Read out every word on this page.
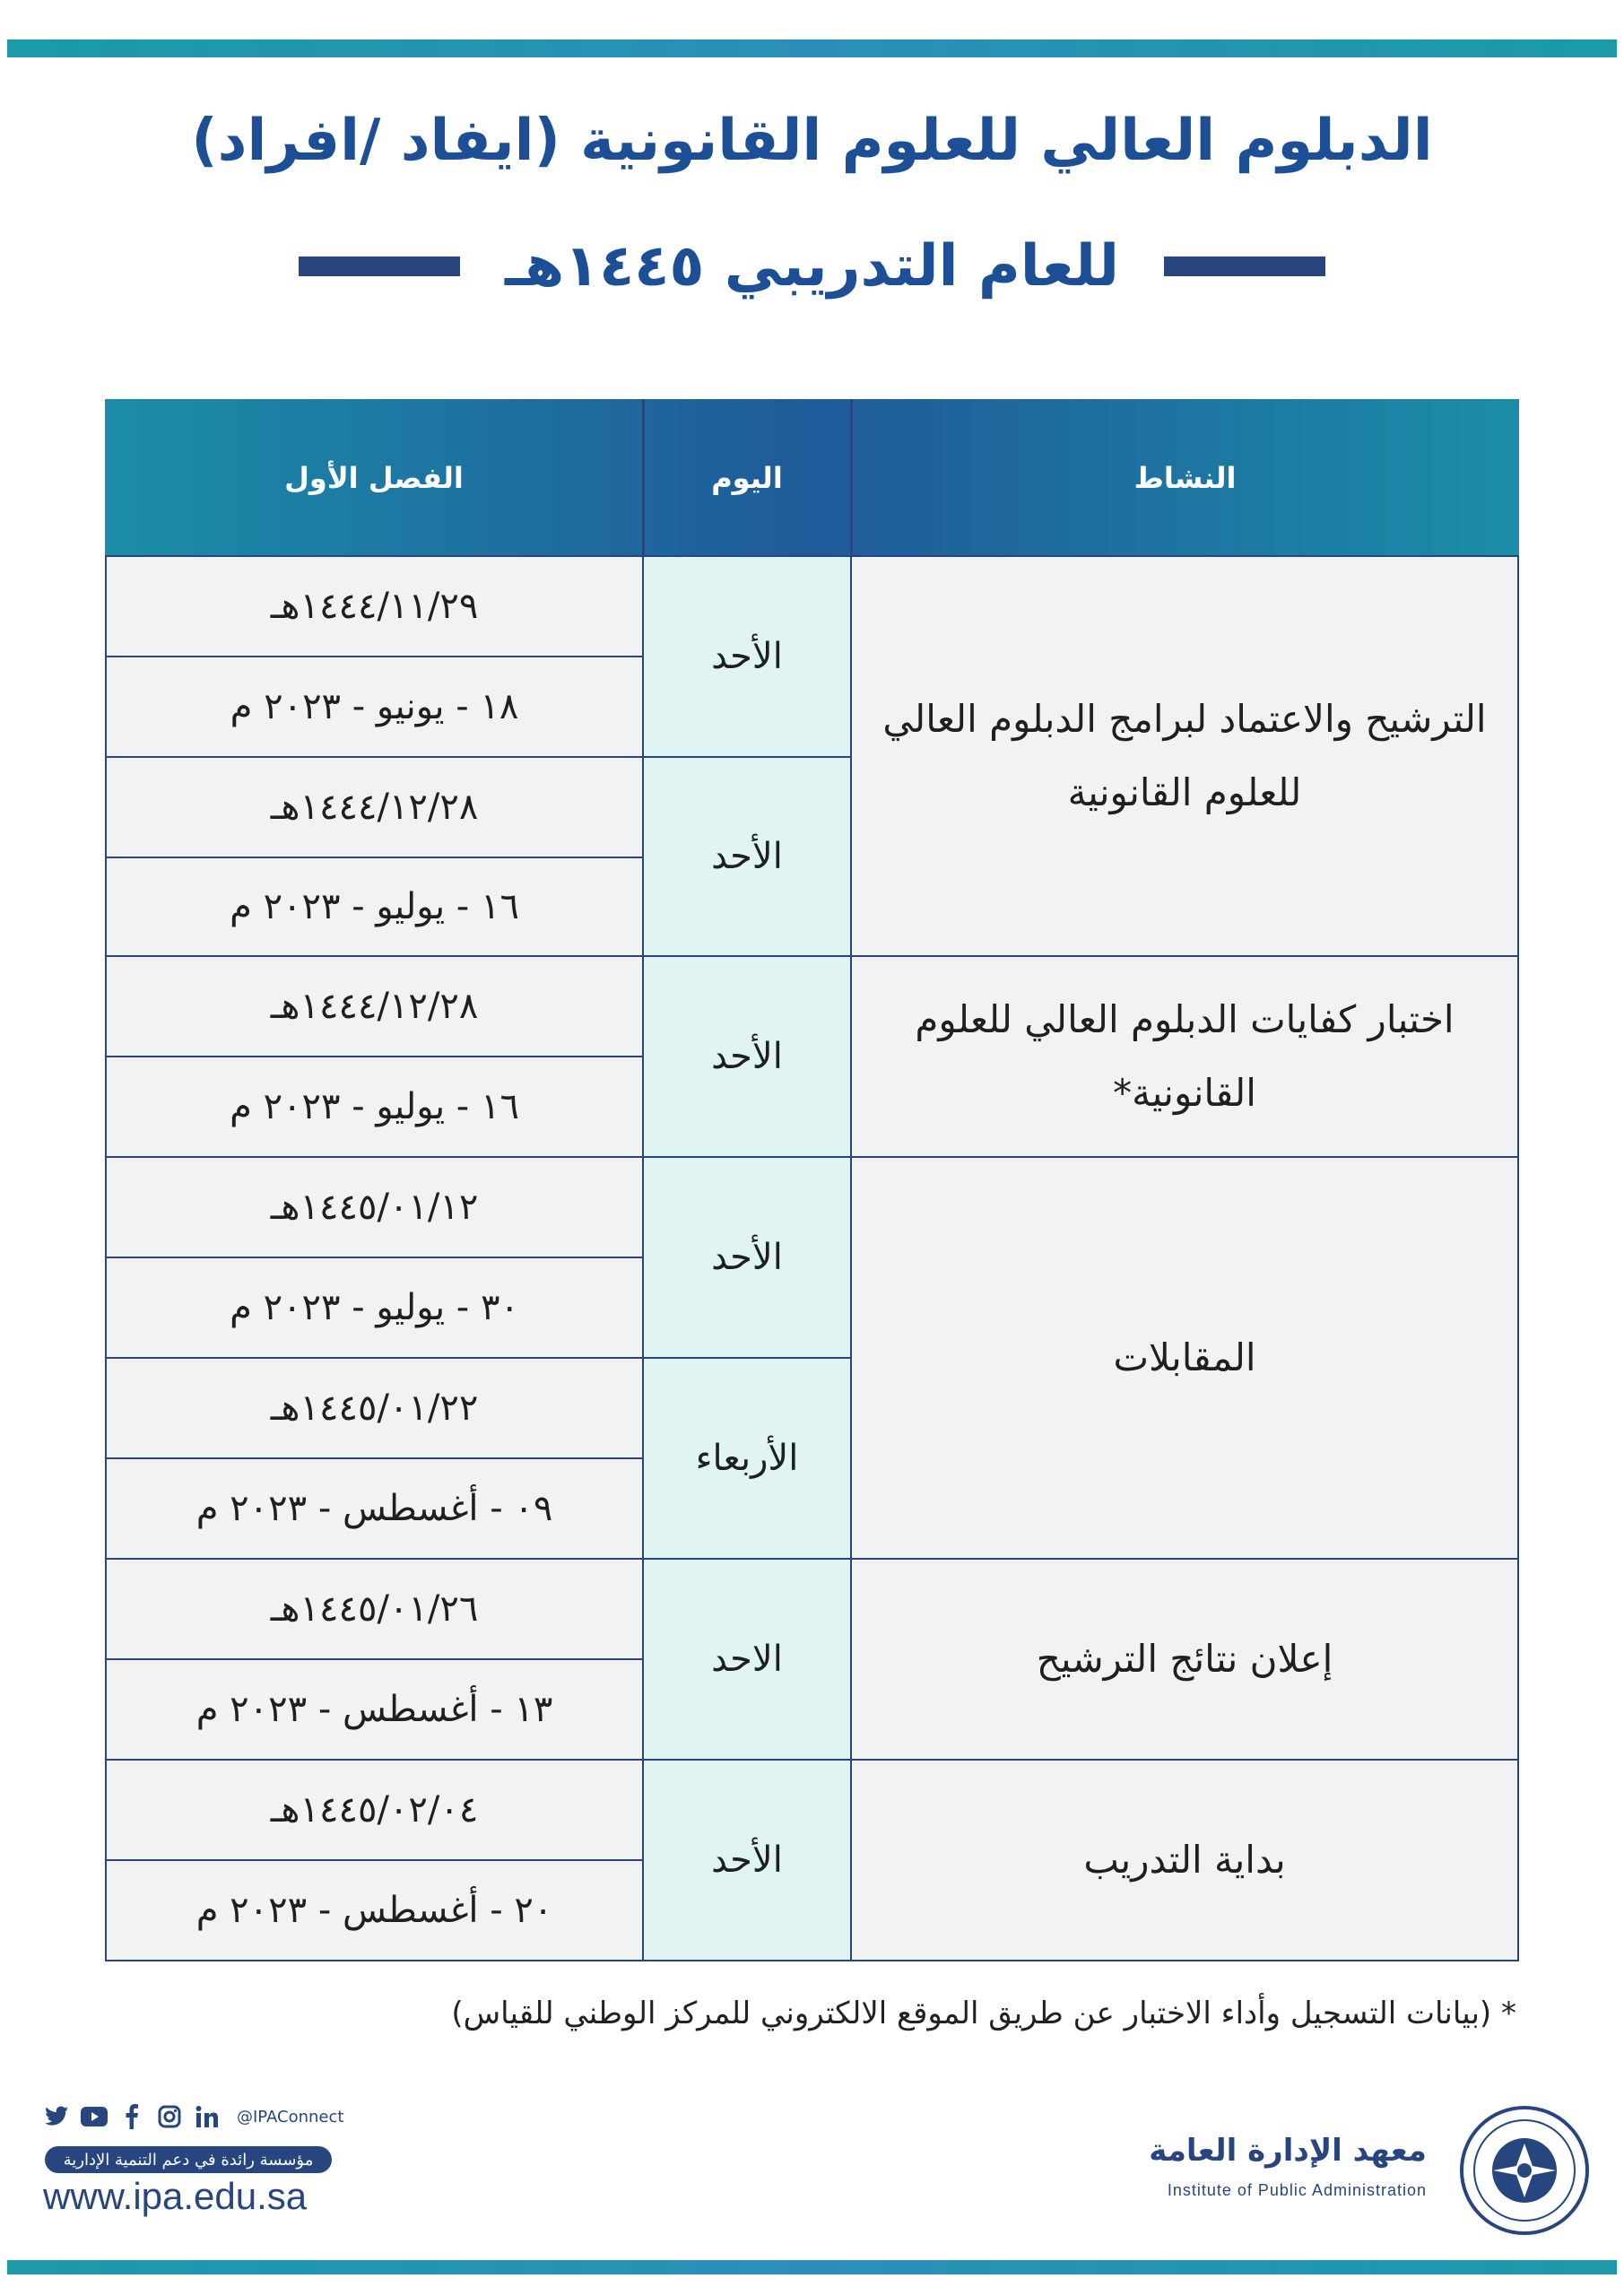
الدبلوم العالي للعلوم القانونية (ايفاد /افراد)
للعام التدريبي ١٤٤٥هـ
الفصل الأول	اليوم	النشاط
الترشيح والاعتماد لبرامج الدبلوم العالي للعلوم القانونية
اختبار كفايات الدبلوم العالي للعلوم القانونية*
المقابلات
إعلان نتائج الترشيح
بداية التدريب
الأحد
الأحد
الأحد
الأحد
الأربعاء
الاحد
الأحد
١٤٤٤/١١/٢٩هـ
١٨ - يونيو - ٢٠٢٣ م
١٤٤٤/١٢/٢٨هـ
١٦ - يوليو - ٢٠٢٣ م
١٤٤٤/١٢/٢٨هـ
١٦ - يوليو - ٢٠٢٣ م
١٤٤٥/٠١/١٢هـ
٣٠ - يوليو - ٢٠٢٣ م
١٤٤٥/٠١/٢٢هـ
٠٩ - أغسطس - ٢٠٢٣ م
١٤٤٥/٠١/٢٦هـ
١٣ - أغسطس - ٢٠٢٣ م
١٤٤٥/٠٢/٠٤هـ
٢٠ - أغسطس - ٢٠٢٣ م
* (بيانات التسجيل وأداء الاختبار عن طريق الموقع الالكتروني للمركز الوطني للقياس)
@IPAConnect
مؤسسة رائدة في دعم التنمية الإدارية
www.ipa.edu.sa
معهد الإدارة العامة
Institute of Public Administration
